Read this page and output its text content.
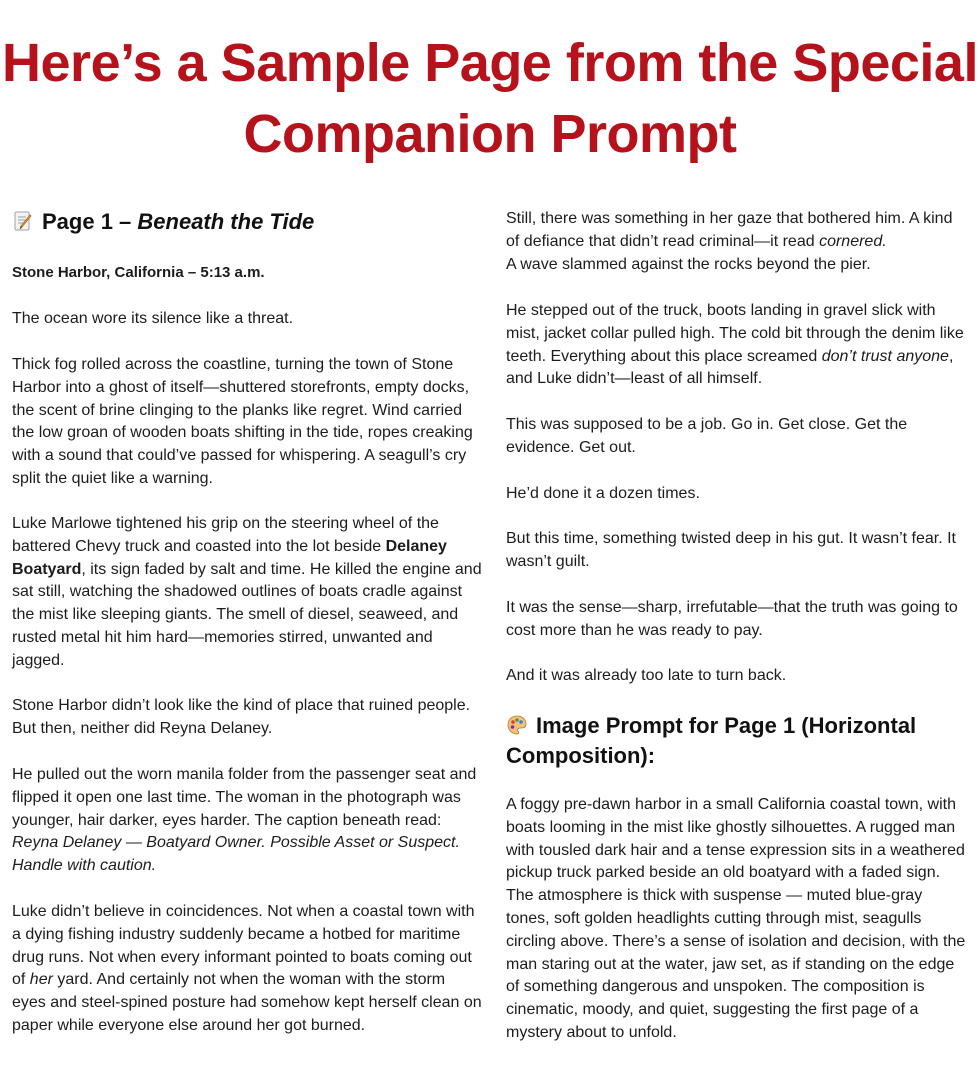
Here’s a Sample Page from the Special
Companion Prompt
Page 1 – Beneath the Tide
Stone Harbor, California – 5:13 a.m.
The ocean wore its silence like a threat.
Thick fog rolled across the coastline, turning the town of Stone Harbor into a ghost of itself—shuttered storefronts, empty docks, the scent of brine clinging to the planks like regret. Wind carried the low groan of wooden boats shifting in the tide, ropes creaking with a sound that could’ve passed for whispering. A seagull’s cry split the quiet like a warning.
Luke Marlowe tightened his grip on the steering wheel of the battered Chevy truck and coasted into the lot beside Delaney Boatyard, its sign faded by salt and time. He killed the engine and sat still, watching the shadowed outlines of boats cradle against the mist like sleeping giants. The smell of diesel, seaweed, and rusted metal hit him hard—memories stirred, unwanted and jagged.
Stone Harbor didn’t look like the kind of place that ruined people. But then, neither did Reyna Delaney.
He pulled out the worn manila folder from the passenger seat and flipped it open one last time. The woman in the photograph was younger, hair darker, eyes harder. The caption beneath read: Reyna Delaney — Boatyard Owner. Possible Asset or Suspect. Handle with caution.
Luke didn’t believe in coincidences. Not when a coastal town with a dying fishing industry suddenly became a hotbed for maritime drug runs. Not when every informant pointed to boats coming out of her yard. And certainly not when the woman with the storm eyes and steel-spined posture had somehow kept herself clean on paper while everyone else around her got burned.
Still, there was something in her gaze that bothered him. A kind of defiance that didn’t read criminal—it read cornered.
A wave slammed against the rocks beyond the pier.
He stepped out of the truck, boots landing in gravel slick with mist, jacket collar pulled high. The cold bit through the denim like teeth. Everything about this place screamed don’t trust anyone, and Luke didn’t—least of all himself.
This was supposed to be a job. Go in. Get close. Get the evidence. Get out.
He’d done it a dozen times.
But this time, something twisted deep in his gut. It wasn’t fear. It wasn’t guilt.
It was the sense—sharp, irrefutable—that the truth was going to cost more than he was ready to pay.
And it was already too late to turn back.
Image Prompt for Page 1 (Horizontal Composition):
A foggy pre-dawn harbor in a small California coastal town, with boats looming in the mist like ghostly silhouettes. A rugged man with tousled dark hair and a tense expression sits in a weathered pickup truck parked beside an old boatyard with a faded sign. The atmosphere is thick with suspense — muted blue-gray tones, soft golden headlights cutting through mist, seagulls circling above. There’s a sense of isolation and decision, with the man staring out at the water, jaw set, as if standing on the edge of something dangerous and unspoken. The composition is cinematic, moody, and quiet, suggesting the first page of a mystery about to unfold.
